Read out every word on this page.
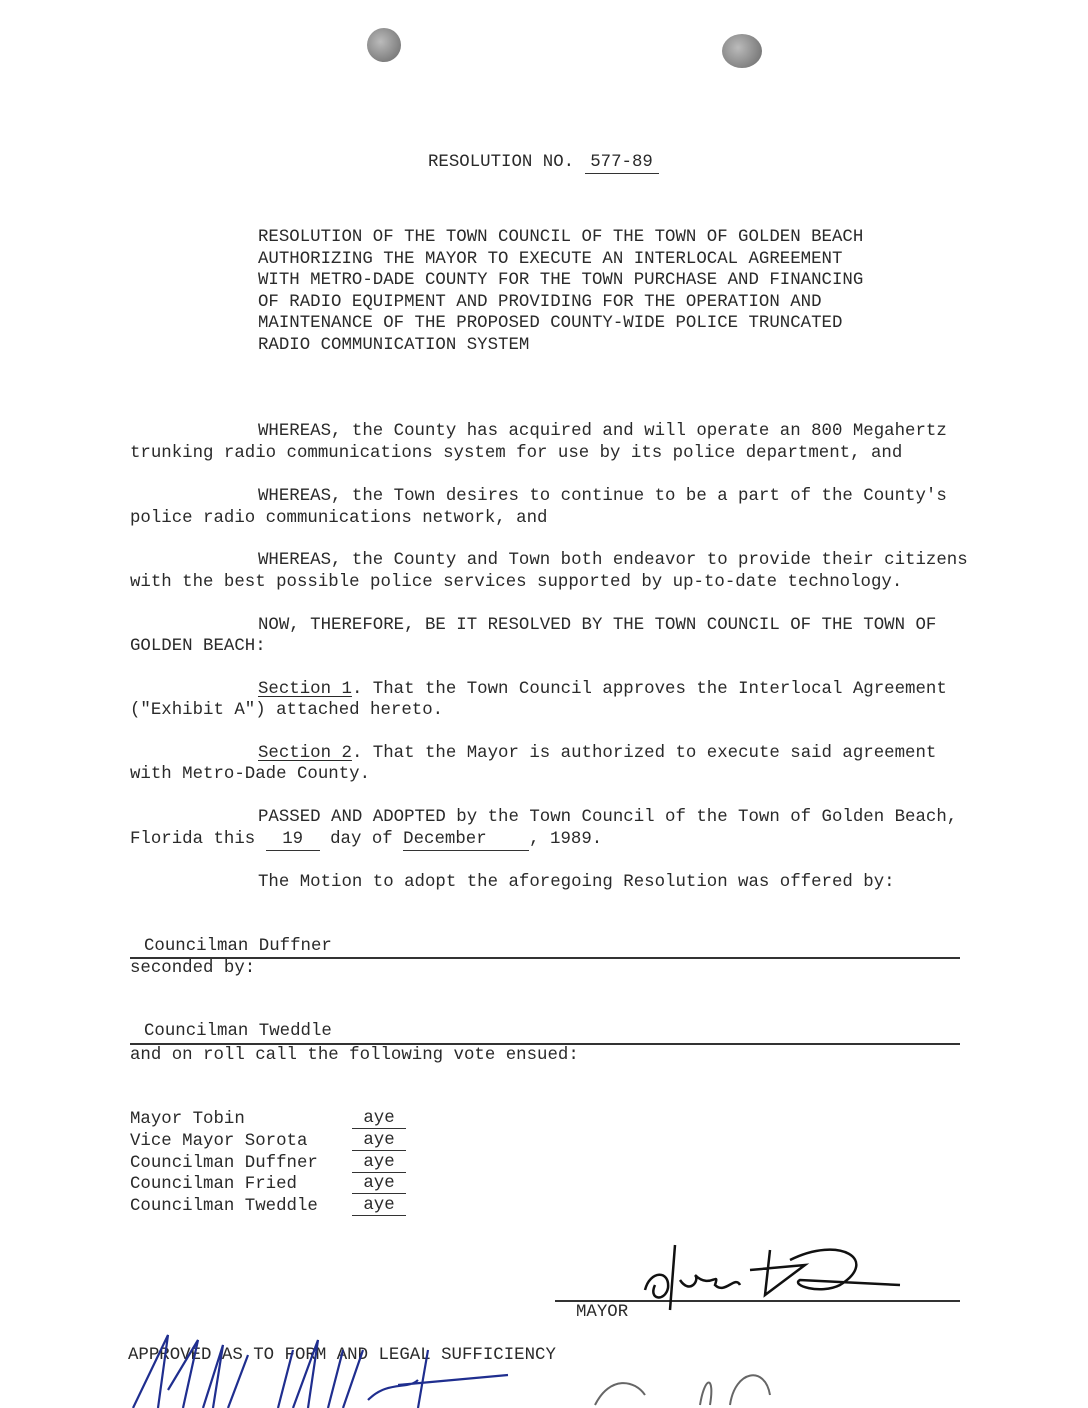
RESOLUTION NO. 577-89
RESOLUTION OF THE TOWN COUNCIL OF THE TOWN OF GOLDEN BEACH
AUTHORIZING THE MAYOR TO EXECUTE AN INTERLOCAL AGREEMENT
WITH METRO-DADE COUNTY FOR THE TOWN PURCHASE AND FINANCING
OF RADIO EQUIPMENT AND PROVIDING FOR THE OPERATION AND
MAINTENANCE OF THE PROPOSED COUNTY-WIDE POLICE TRUNCATED
RADIO COMMUNICATION SYSTEM
WHEREAS, the County has acquired and will operate an 800 Megahertz
trunking radio communications system for use by its police department, and
WHEREAS, the Town desires to continue to be a part of the County's
police radio communications network, and
WHEREAS, the County and Town both endeavor to provide their citizens
with the best possible police services supported by up-to-date technology.
NOW, THEREFORE, BE IT RESOLVED BY THE TOWN COUNCIL OF THE TOWN OF
GOLDEN BEACH:
Section 1. That the Town Council approves the Interlocal Agreement
("Exhibit A") attached hereto.
Section 2. That the Mayor is authorized to execute said agreement
with Metro-Dade County.
PASSED AND ADOPTED by the Town Council of the Town of Golden Beach,
Florida this 19 day of December , 1989.
The Motion to adopt the aforegoing Resolution was offered by:
Councilman Duffner
seconded by:
Councilman Tweddle
and on roll call the following vote ensued:
Mayor Tobin	aye
Vice Mayor Sorota	aye
Councilman Duffner	aye
Councilman Fried	aye
Councilman Tweddle	aye
MAYOR
APPROVED AS TO FORM AND LEGAL SUFFICIENCY
